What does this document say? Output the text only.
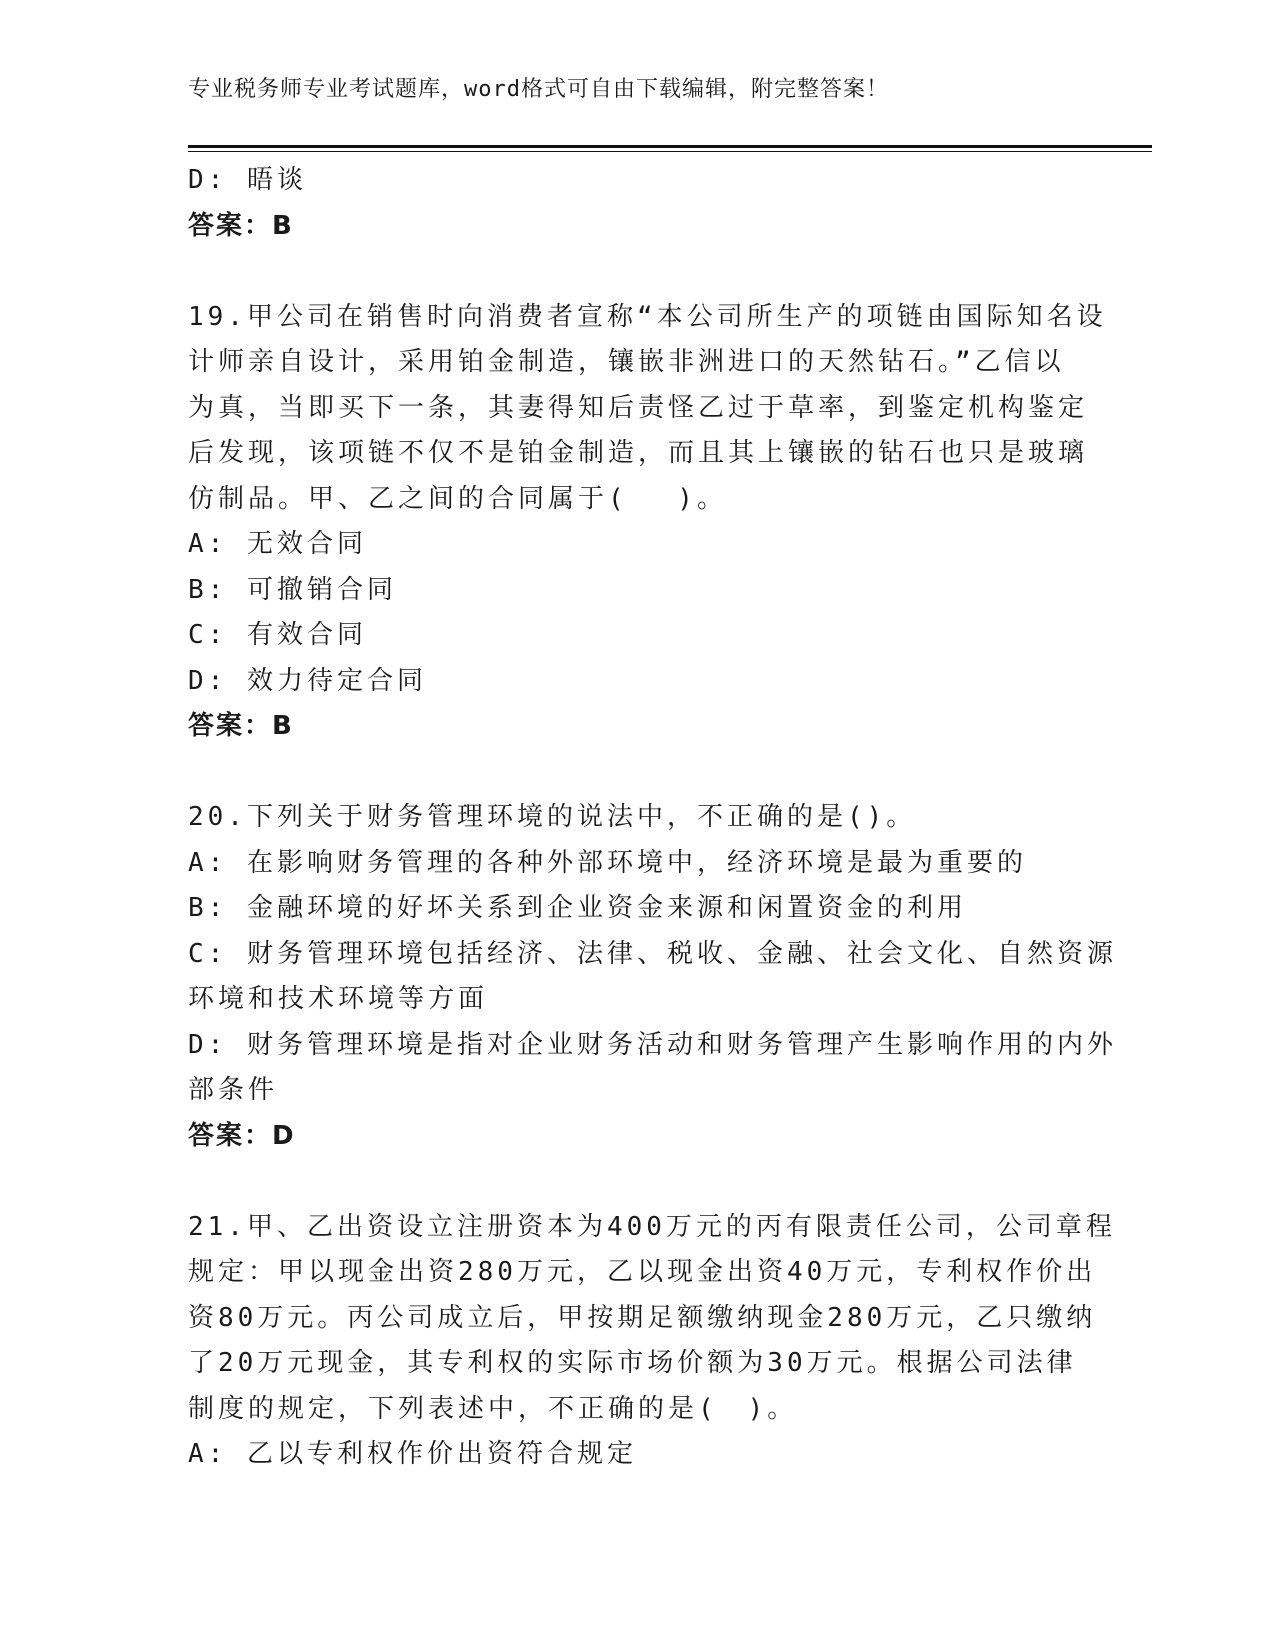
专业税务师专业考试题库，word格式可自由下载编辑，附完整答案！
D: 晤谈
答案：B
19.甲公司在销售时向消费者宣称“本公司所生产的项链由国际知名设
计师亲自设计，采用铂金制造，镶嵌非洲进口的天然钻石。”乙信以
为真，当即买下一条，其妻得知后责怪乙过于草率，到鉴定机构鉴定
后发现，该项链不仅不是铂金制造，而且其上镶嵌的钻石也只是玻璃
仿制品。甲、乙之间的合同属于(　 )。
A: 无效合同
B: 可撤销合同
C: 有效合同
D: 效力待定合同
答案：B
20.下列关于财务管理环境的说法中，不正确的是()。
A: 在影响财务管理的各种外部环境中，经济环境是最为重要的
B: 金融环境的好坏关系到企业资金来源和闲置资金的利用
C: 财务管理环境包括经济、法律、税收、金融、社会文化、自然资源
环境和技术环境等方面
D: 财务管理环境是指对企业财务活动和财务管理产生影响作用的内外
部条件
答案：D
21.甲、乙出资设立注册资本为400万元的丙有限责任公司，公司章程
规定：甲以现金出资280万元，乙以现金出资40万元，专利权作价出
资80万元。丙公司成立后，甲按期足额缴纳现金280万元，乙只缴纳
了20万元现金，其专利权的实际市场价额为30万元。根据公司法律
制度的规定，下列表述中，不正确的是(　)。
A: 乙以专利权作价出资符合规定
